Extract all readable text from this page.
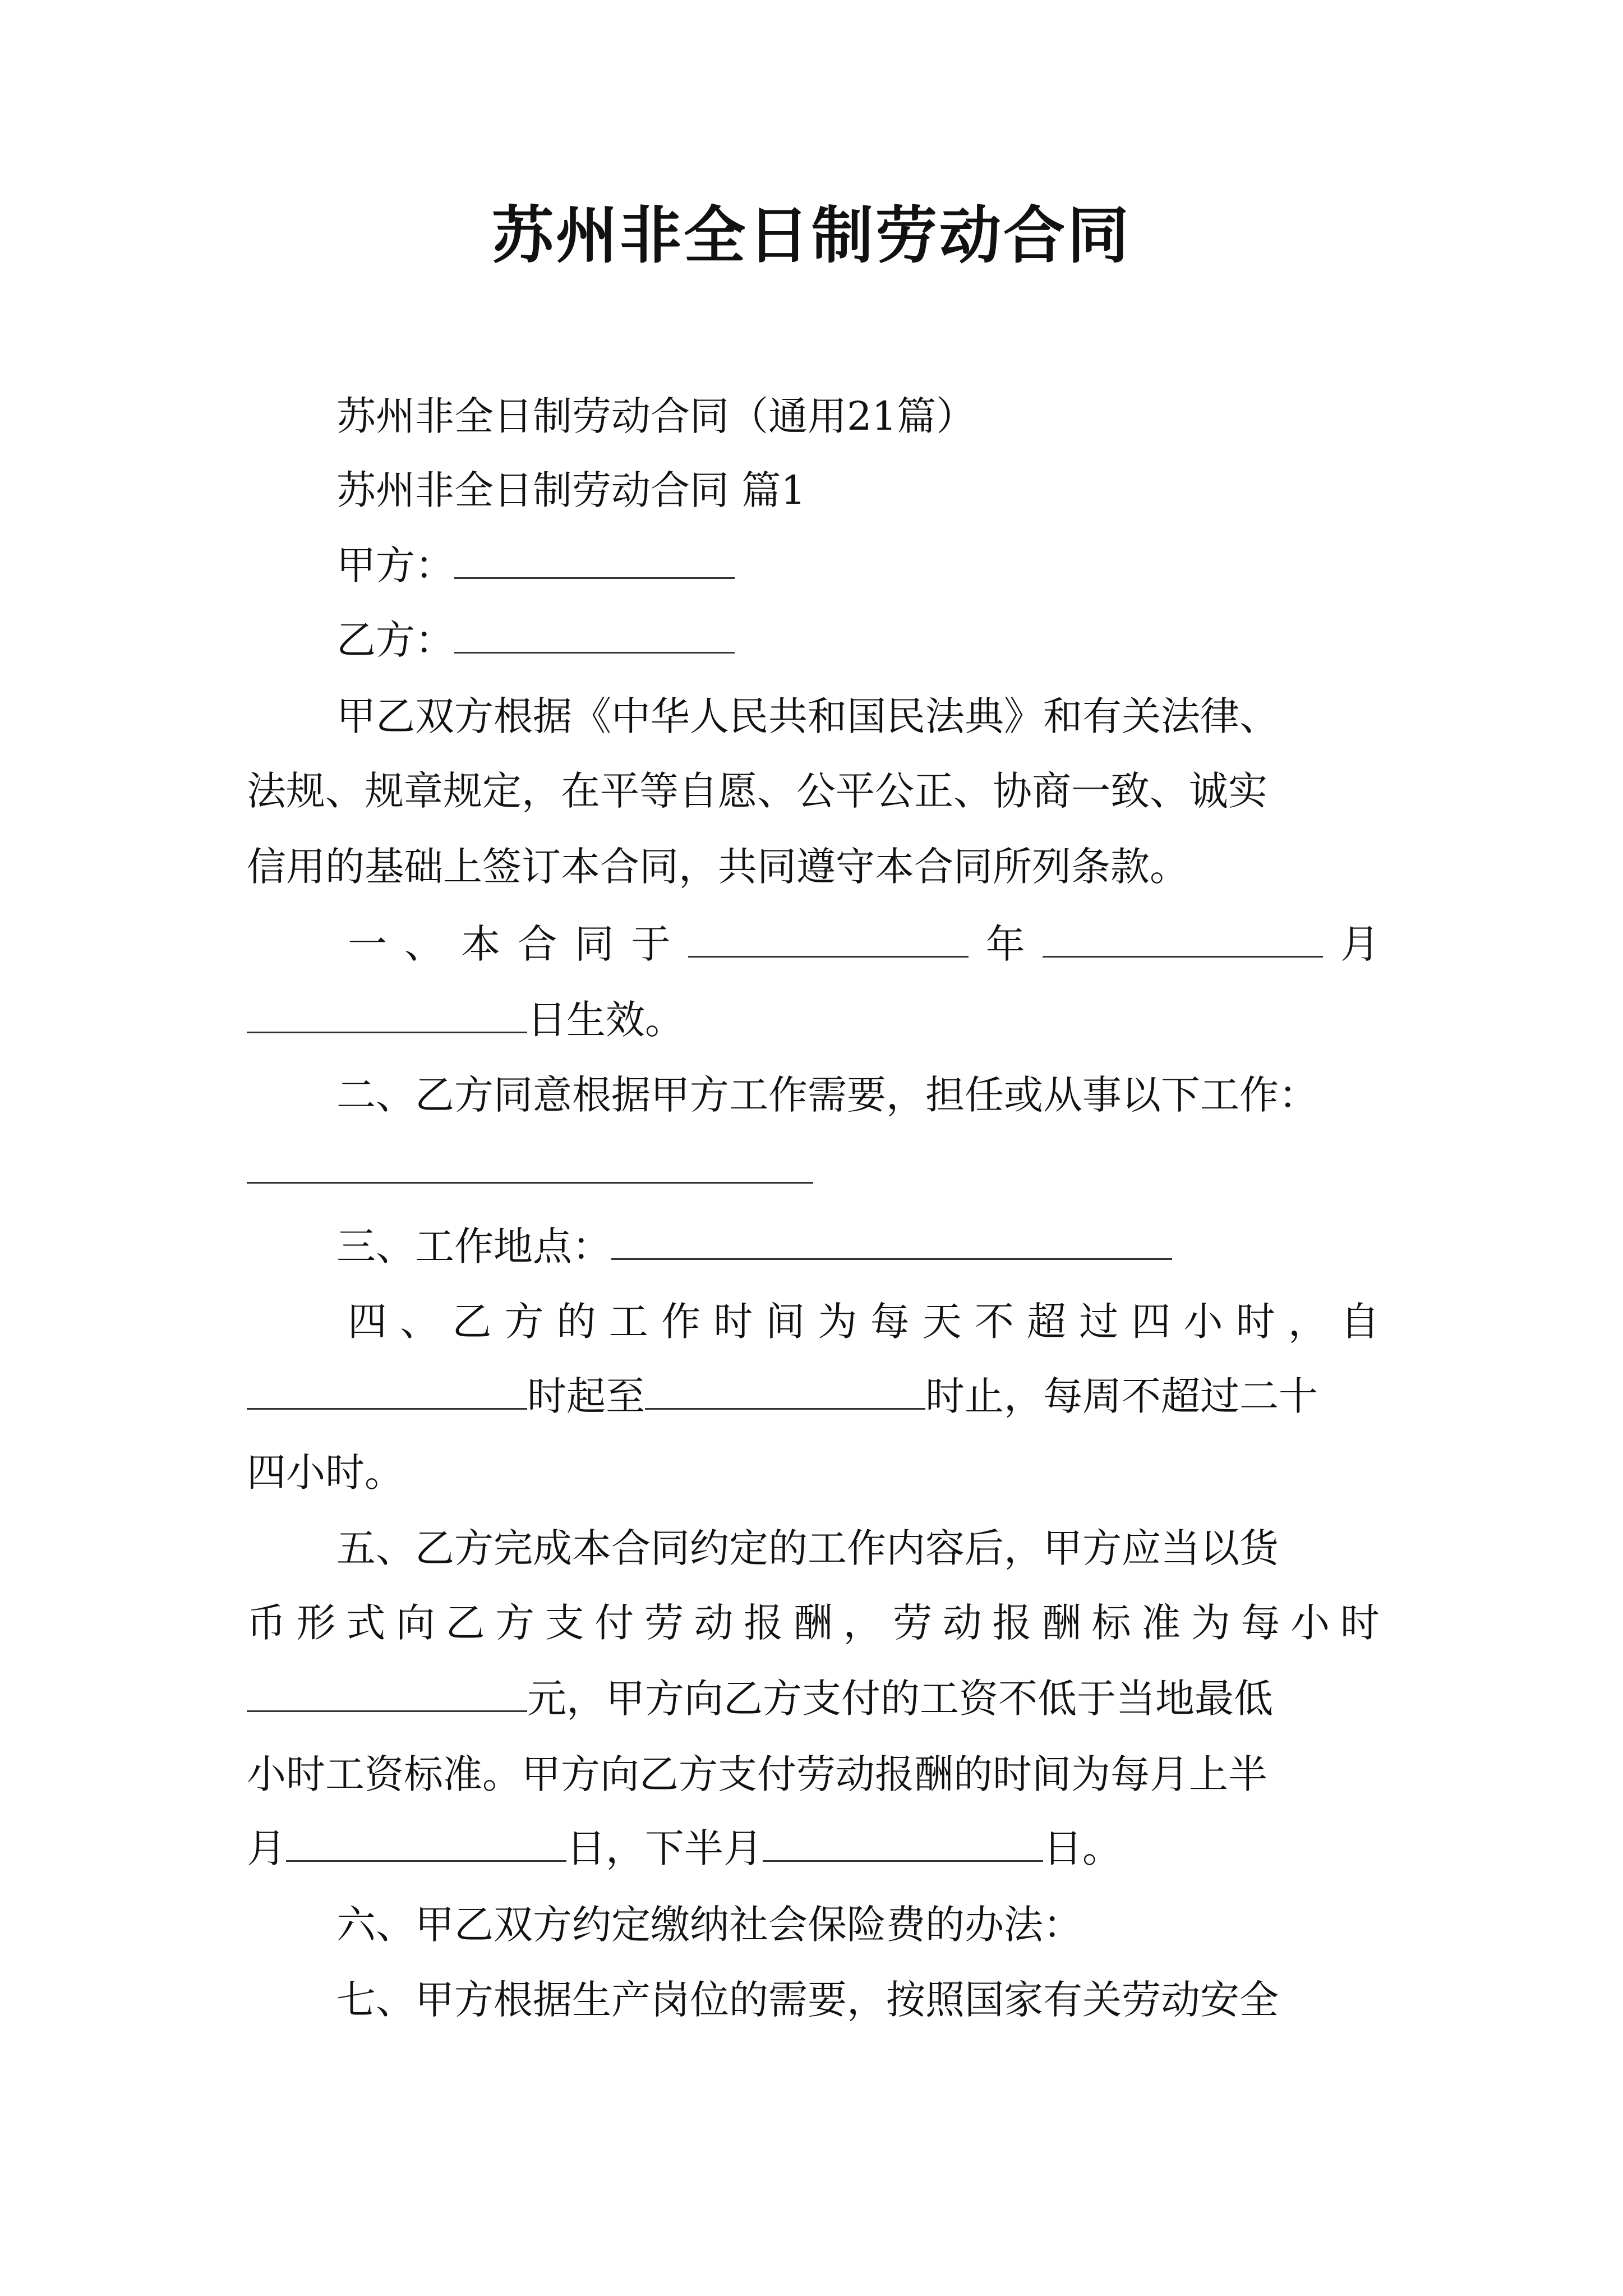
苏州非全日制劳动合同
苏州非全日制劳动合同（通用21篇）
苏州非全日制劳动合同 篇1
甲方：
乙方：
甲乙双方根据《中华人民共和国民法典》和有关法律、
法规、规章规定，在平等自愿、公平公正、协商一致、诚实
信用的基础上签订本合同，共同遵守本合同所列条款。
一 、 本 合 同 于	年	月
日生效。
二、乙方同意根据甲方工作需要，担任或从事以下工作：
三、工作地点：
四 、 乙 方 的 工 作 时 间 为 每 天 不 超 过 四 小 时 ， 自
时起至	时止，每周不超过二十
四小时。
五、乙方完成本合同约定的工作内容后，甲方应当以货
币 形 式 向 乙 方 支 付 劳 动 报 酬 ， 劳 动 报 酬 标 准 为 每 小 时
元，甲方向乙方支付的工资不低于当地最低
小时工资标准。甲方向乙方支付劳动报酬的时间为每月上半
月	日，下半月	日。
六、甲乙双方约定缴纳社会保险费的办法：
七、甲方根据生产岗位的需要，按照国家有关劳动安全
